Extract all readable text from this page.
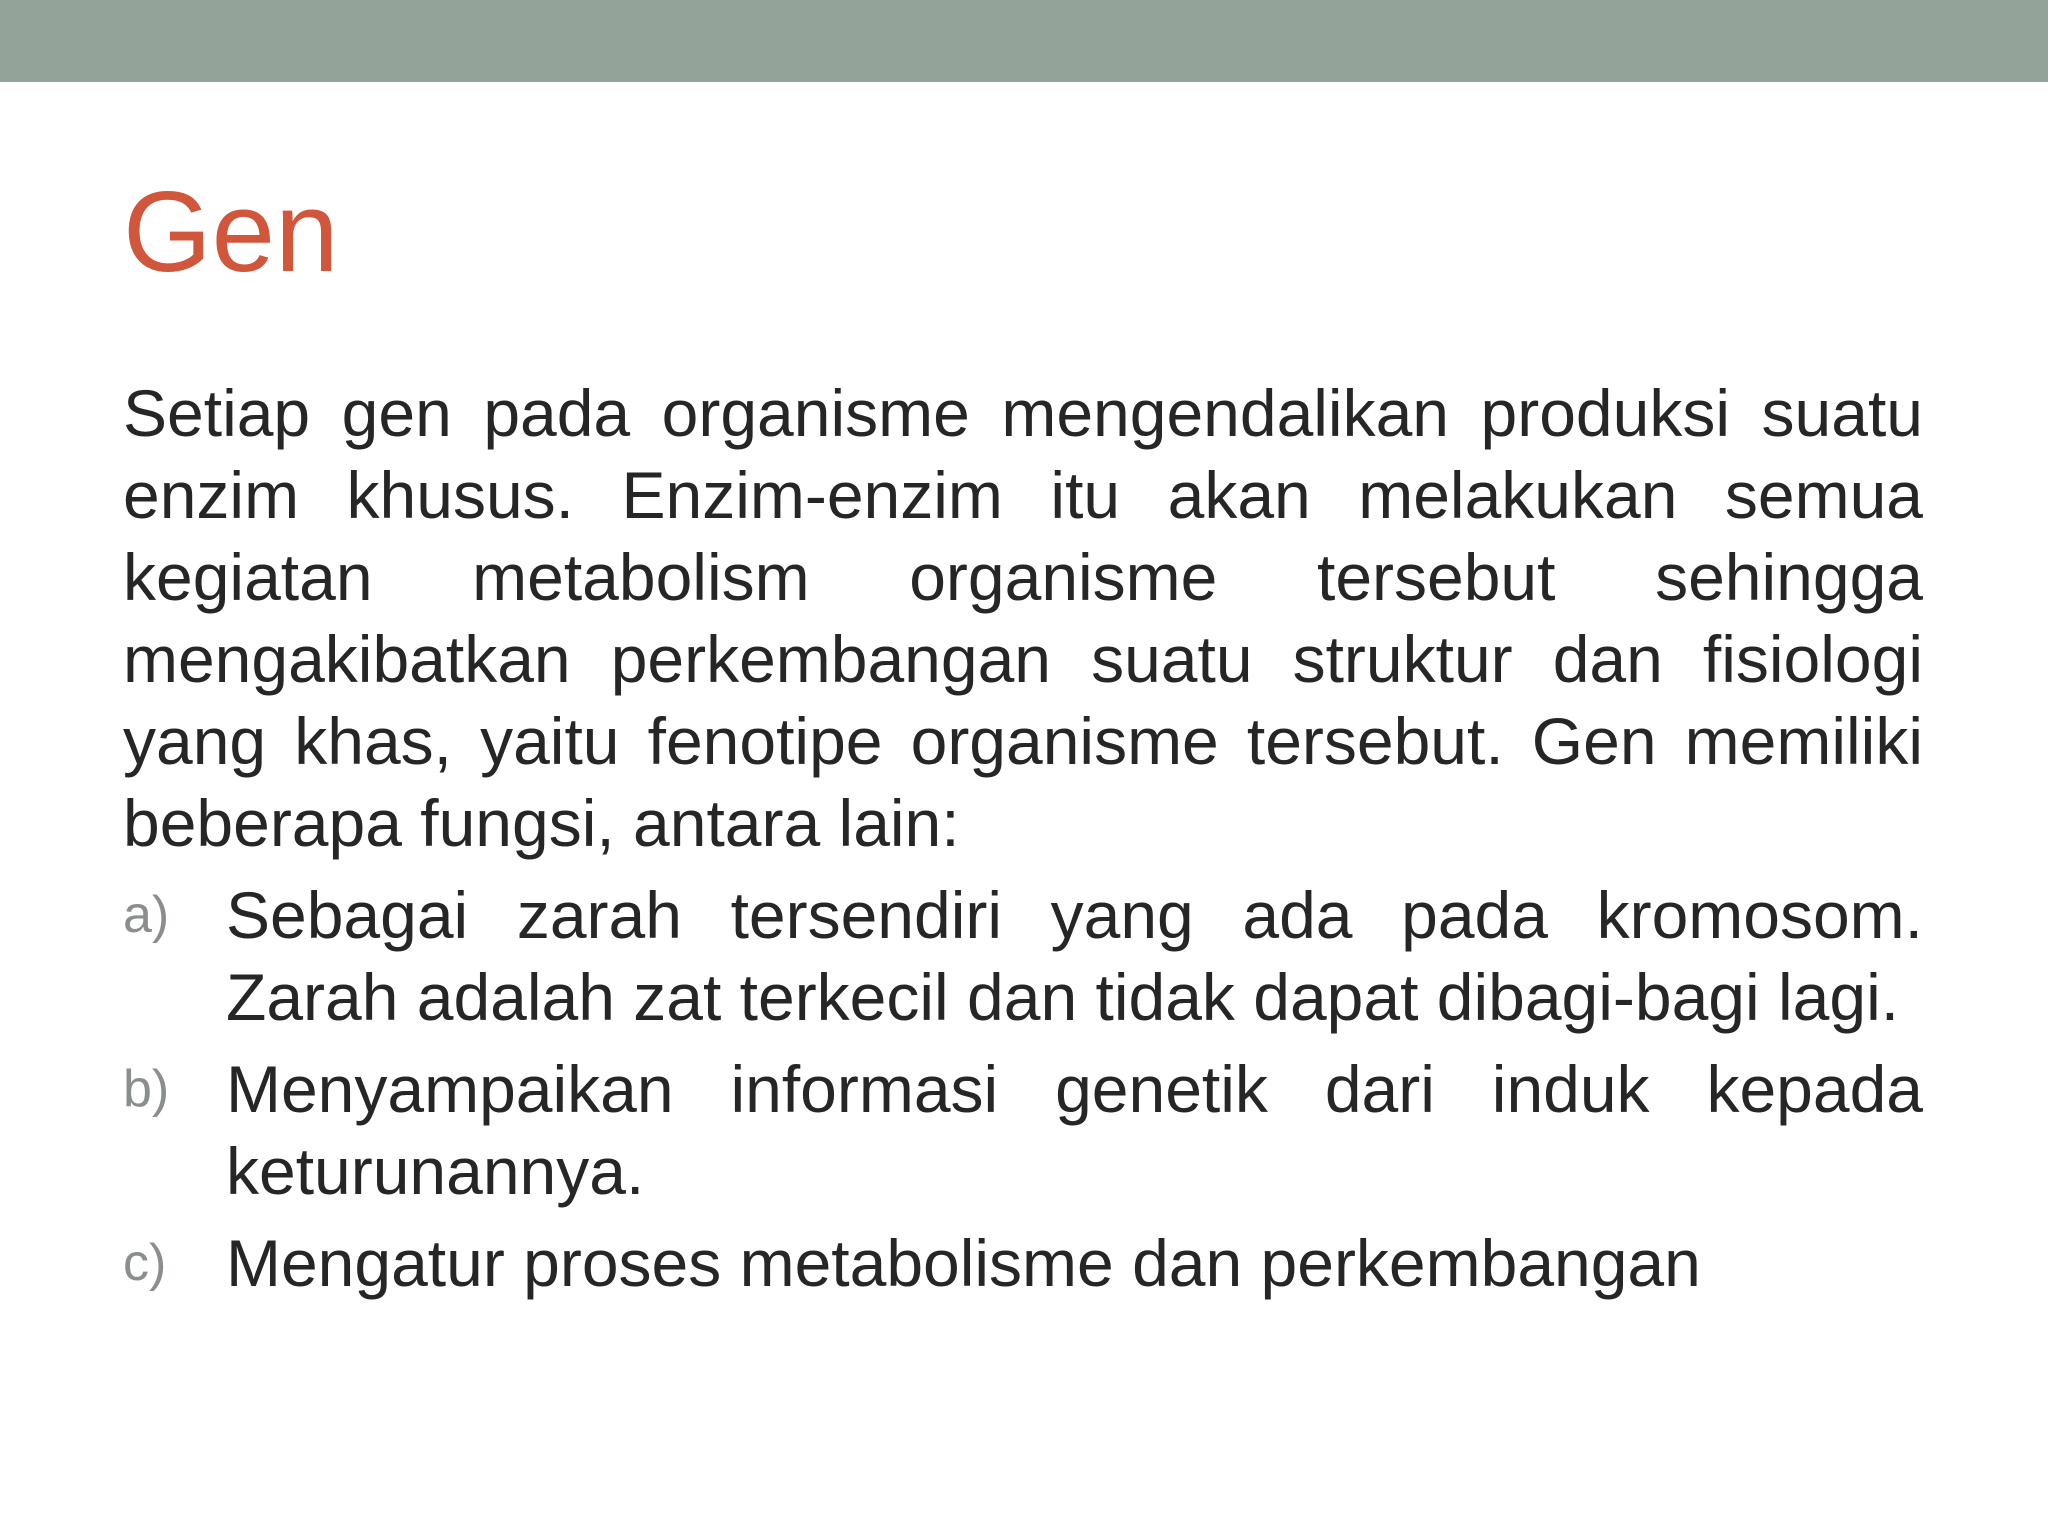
Gen

Setiap gen pada organisme mengendalikan produksi suatu enzim khusus. Enzim-enzim itu akan melakukan semua kegiatan metabolism organisme tersebut sehingga mengakibatkan perkembangan suatu struktur dan fisiologi yang khas, yaitu fenotipe organisme tersebut. Gen memiliki beberapa fungsi, antara lain:

a) Sebagai zarah tersendiri yang ada pada kromosom. Zarah adalah zat terkecil dan tidak dapat dibagi-bagi lagi.
b) Menyampaikan informasi genetik dari induk kepada keturunannya.
c) Mengatur proses metabolisme dan perkembangan
